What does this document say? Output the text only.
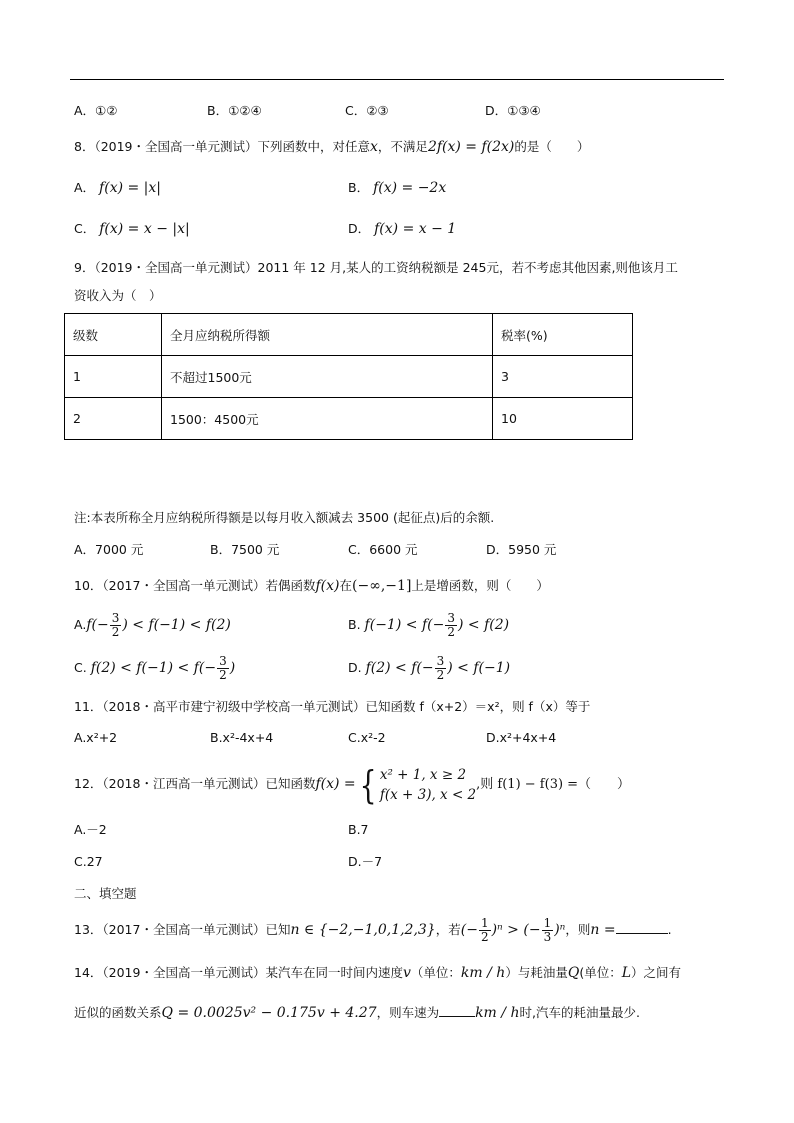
A．①②	B．①②④	C．②③	D．①③④
8．（2019・全国高一单元测试）下列函数中，对任意x，不满足2f(x) = f(2x)的是（　　）
A． f(x) = |x|	B． f(x) = −2x
C． f(x) = x − |x|	D． f(x) = x − 1
9．（2019・全国高一单元测试）2011 年 12 月,某人的工资纳税额是 245元，若不考虑其他因素,则他该月工
资收入为（　）
级数	全月应纳税所得额	税率(%)
1	不超过1500元	3
2	1500：4500元	10
注:本表所称全月应纳税所得额是以每月收入额减去 3500 (起征点)后的余额.
A．7000 元	B．7500 元	C．6600 元	D．5950 元
10．（2017・全国高一单元测试）若偶函数f(x)在(−∞,−1]上是增函数，则（　　）
$A.f(- \frac{3}{2}$ ) < f(−1) < f(2)	B. $f(-1) < f(- \frac{3}{2}$ ) < f(2)
C. $f(2) < f(-1) < f(- \frac{3}{2}$ )	D. $f(2) < f(- \frac{3}{2}$ ) < f(−1)
11．（2018・高平市建宁初级中学校高一单元测试）已知函数 f（x+2）＝x²，则 f（x）等于
A.x²+2	B.x²-4x+4	C.x²-2	D.x²+4x+4
12．（2018・江西高一单元测试）已知函数f(x) ={ x² + 1, x ≥ 2
f(x + 3), x < 2
,则 f(1) − f(3) =（　　）
A.－2	B.7
C.27	D.－7
二、填空题
13．（2017・全国高一单元测试）已知n ∈ {−2,−1,0,1,2,3}，若(− $\frac{1}{2} )^n$ > (− $\frac{1}{3} )^n$，则n =	.
14．（2019・全国高一单元测试）某汽车在同一时间内速度v（单位：km / h）与耗油量Q(单位：L）之间有
近似的函数关系Q = 0.0025v² − 0.175v + 4.27，则车速为	km / h时,汽车的耗油量最少.
